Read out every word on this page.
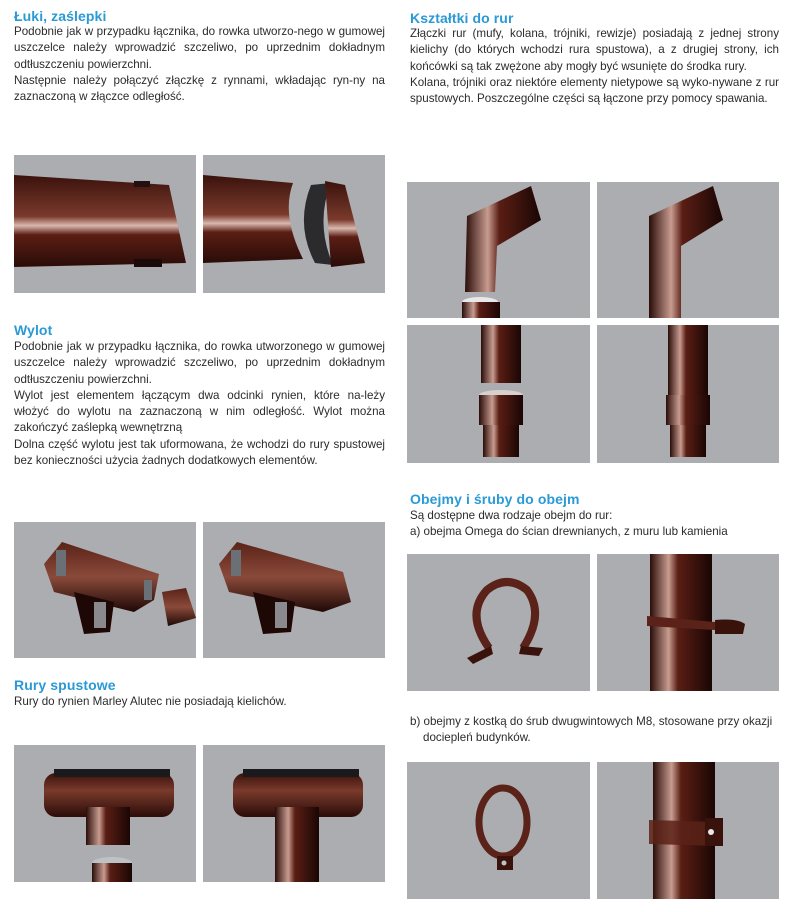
Łuki, zaślepki
Podobnie jak w przypadku łącznika, do rowka utworzo-nego w gumowej uszczelce należy wprowadzić szczeliwo, po uprzednim dokładnym odtłuszczeniu powierzchni.
Następnie należy połączyć złączkę z rynnami, wkładając ryn-ny na zaznaczoną w złączce odległość.
Wylot
Podobnie jak w przypadku łącznika, do rowka utworzonego w gumowej uszczelce należy wprowadzić szczeliwo, po uprzednim dokładnym odtłuszczeniu powierzchni.
Wylot jest elementem łączącym dwa odcinki rynien, które na-leży włożyć do wylotu na zaznaczoną w nim odległość. Wylot można zakończyć zaślepką wewnętrzną
Dolna część wylotu jest tak uformowana, że wchodzi do rury spustowej bez konieczności użycia żadnych dodatkowych elementów.
Rury spustowe
Rury do rynien Marley Alutec nie posiadają kielichów.
Kształtki do rur
Złączki rur (mufy, kolana, trójniki, rewizje) posiadają z jednej strony kielichy (do których wchodzi rura spustowa), a z drugiej strony, ich końcówki są tak zwężone aby mogły być wsunięte do środka rury.
Kolana, trójniki oraz niektóre elementy nietypowe są wyko-nywane z rur spustowych. Poszczególne części są łączone przy pomocy spawania.
Obejmy i śruby do obejm
Są dostępne dwa rodzaje obejm do rur:
a) obejma Omega do ścian drewnianych, z muru lub kamienia
b) obejmy z kostką do śrub dwugwintowych M8, stosowane przy okazji dociepleń budynków.
